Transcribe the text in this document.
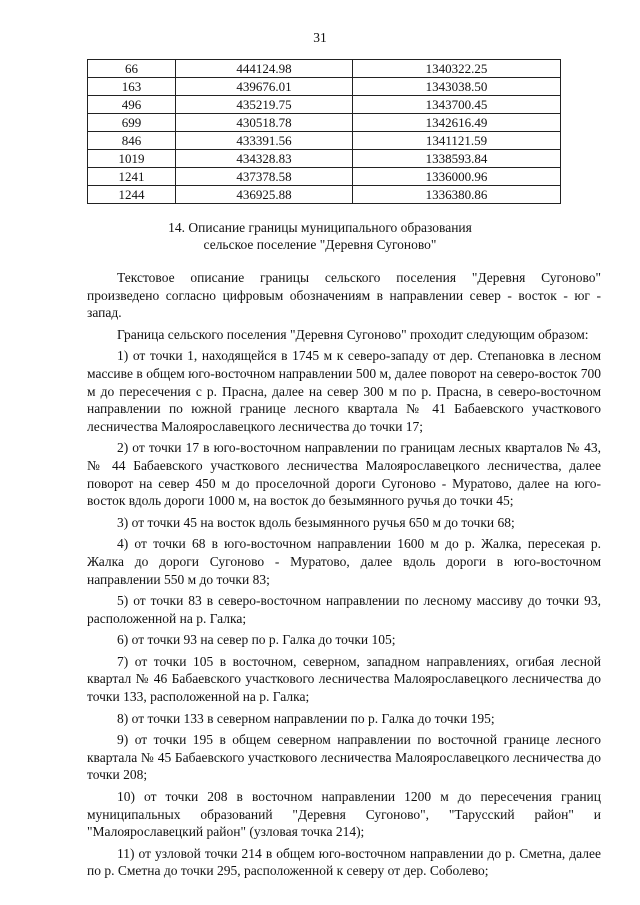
31
66	444124.98	1340322.25
163	439676.01	1343038.50
496	435219.75	1343700.45
699	430518.78	1342616.49
846	433391.56	1341121.59
1019	434328.83	1338593.84
1241	437378.58	1336000.96
1244	436925.88	1336380.86
14. Описание границы муниципального образования
сельское поселение "Деревня Сугоново"

Текстовое описание границы сельского поселения "Деревня Сугоново" произведено согласно цифровым обозначениям в направлении север - восток - юг - запад.

Граница сельского поселения "Деревня Сугоново" проходит следующим образом:

1) от точки 1, находящейся в 1745 м к северо-западу от дер. Степановка в лесном массиве в общем юго-восточном направлении 500 м, далее поворот на северо-восток 700 м до пересечения с р. Прасна, далее на север 300 м по р. Прасна, в северо-восточном направлении по южной границе лесного квартала № 41 Бабаевского участкового лесничества Малоярославецкого лесничества до точки 17;

2) от точки 17 в юго-восточном направлении по границам лесных кварталов № 43, № 44 Бабаевского участкового лесничества Малоярославецкого лесничества, далее поворот на север 450 м до проселочной дороги Сугоново - Муратово, далее на юго-восток вдоль дороги 1000 м, на восток до безымянного ручья до точки 45;

3) от точки 45 на восток вдоль безымянного ручья 650 м до точки 68;

4) от точки 68 в юго-восточном направлении 1600 м до р. Жалка, пересекая р. Жалка до дороги Сугоново - Муратово, далее вдоль дороги в юго-восточном направлении 550 м до точки 83;

5) от точки 83 в северо-восточном направлении по лесному массиву до точки 93, расположенной на р. Галка;

6) от точки 93 на север по р. Галка до точки 105;

7) от точки 105 в восточном, северном, западном направлениях, огибая лесной квартал № 46 Бабаевского участкового лесничества Малоярославецкого лесничества до точки 133, расположенной на р. Галка;

8) от точки 133 в северном направлении по р. Галка до точки 195;

9) от точки 195 в общем северном направлении по восточной границе лесного квартала № 45 Бабаевского участкового лесничества Малоярославецкого лесничества до точки 208;

10) от точки 208 в восточном направлении 1200 м до пересечения границ муниципальных образований "Деревня Сугоново", "Тарусский район" и "Малоярославецкий район" (узловая точка 214);

11) от узловой точки 214 в общем юго-восточном направлении до р. Сметна, далее по р. Сметна до точки 295, расположенной к северу от дер. Соболево;
